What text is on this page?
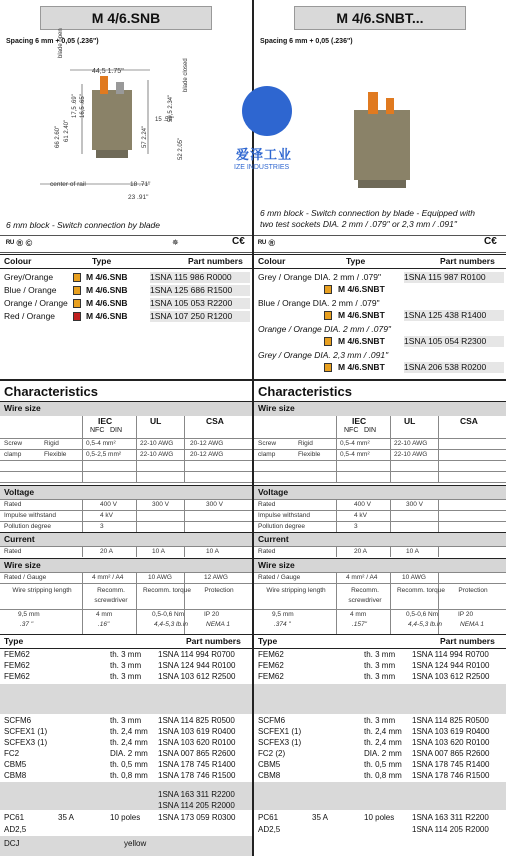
M 4/6.SNB
Spacing 6 mm + 0,05 (.236")
44,5 1.75"
blade open
blade closed
66 2.60" 61 2.40"
17,5 .69" 16,5 .65"
57 2.24"
59,5 2.34"
52 2.05"
center of rail	18 .71"
23 .91"
15 .59"
6 mm block - Switch connection by blade
ᴿᵁ ® ©	✵	C€
Colour	Type	Part numbers
Grey/Orange	M 4/6.SNB	1SNA 115 986 R0000
Blue / Orange	M 4/6.SNB	1SNA 125 686 R1500
Orange / Orange M 4/6.SNB	1SNA 105 053 R2200
Red / Orange	M 4/6.SNB	1SNA 107 250 R1200
Characteristics
Wire size
IEC
NFC DIN
UL	CSA
Screw	Rigid	0,5-4 mm²	22-10 AWG	20-12 AWG
clamp	Flexible	0,5-2,5 mm²	22-10 AWG	20-12 AWG
Voltage
Rated	400 V	300 V	300 V
Impulse withstand	4 kV
Pollution degree	3
Current
Rated	20 A	10 A	10 A
Wire size
Rated / Gauge	4 mm² / A4	10 AWG	12 AWG
Wire stripping length	Recomm. screwdriver
Recomm. torque	Protection
9,5 mm	4 mm	0,5-0,6 Nm	IP 20
.37 "	.16"	4,4-5,3 lb.in	NEMA 1
Type	Part numbers
FEM62	th. 3 mm 1SNA 114 994 R0700
FEM62	th. 3 mm 1SNA 124 944 R0100
FEM62	th. 3 mm 1SNA 103 612 R2500
SCFM6	th. 3 mm 1SNA 114 825 R0500
SCFEX1 (1)	th. 2,4 mm 1SNA 103 619 R0400
SCFEX3 (1)	th. 2,4 mm 1SNA 103 620 R0100
FC2	DIA. 2 mm 1SNA 007 865 R2600
CBM5	th. 0,5 mm 1SNA 178 745 R1400
CBM8	th. 0,8 mm 1SNA 178 746 R1500
1SNA 163 311 R2200
1SNA 114 205 R2000
PC61	35 A	10 poles 1SNA 173 059 R0300
AD2,5
DCJ	yellow
M 4/6.SNBT...
Spacing 6 mm + 0,05 (.236")
6 mm block - Switch connection by blade - Equipped with
two test sockets DIA. 2 mm / .079" or 2,3 mm / .091"
ᴿᵁ ®	C€
Colour	Type	Part numbers
Grey / Orange DIA. 2 mm / .079"	1SNA 115 987 R0100
M 4/6.SNBT
Blue / Orange DIA. 2 mm / .079"
M 4/6.SNBT 1SNA 125 438 R1400
Orange / Orange DIA. 2 mm / .079"
M 4/6.SNBT 1SNA 105 054 R2300
Grey / Orange DIA. 2,3 mm / .091"
M 4/6.SNBT 1SNA 206 538 R0200
Characteristics
Wire size
IEC
NFC DIN
UL	CSA
Screw	Rigid	0,5-4 mm²	22-10 AWG
clamp	Flexible	0,5-4 mm²	22-10 AWG
Voltage
Rated	400 V	300 V
Impulse withstand	4 kV
Pollution degree	3
Current
Rated	20 A	10 A
Wire size
Rated / Gauge	4 mm² / A4	10 AWG
Wire stripping length	Recomm. screwdriver
Recomm. torque	Protection
9,5 mm	4 mm	0,5-0,6 Nm	IP 20
.374 "	.157"	4,4-5,3 lb.in	NEMA 1
Type	Part numbers
FEM62	th. 3 mm 1SNA 114 994 R0700
FEM62	th. 3 mm 1SNA 124 944 R0100
FEM62	th. 3 mm 1SNA 103 612 R2500
SCFM6	th. 3 mm 1SNA 114 825 R0500
SCFEX1 (1)	th. 2,4 mm 1SNA 103 619 R0400
SCFEX3 (1)	th. 2,4 mm 1SNA 103 620 R0100
FC2 (2)	DIA. 2 mm 1SNA 007 865 R2600
CBM5	th. 0,5 mm 1SNA 178 745 R1400
CBM8	th. 0,8 mm 1SNA 178 746 R1500
PC61	35 A	10 poles 1SNA 163 311 R2200
AD2,5	1SNA 114 205 R2000
爱泽工业
IZE INDUSTRIES
